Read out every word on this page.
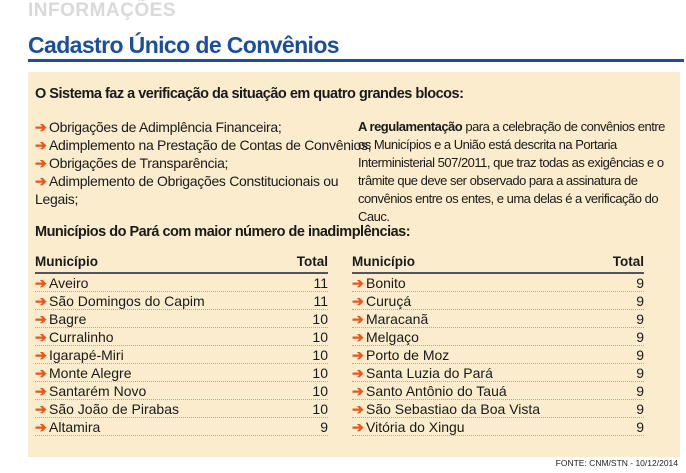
INFORMAÇÕES
Cadastro Único de Convênios
O Sistema faz a verificação da situação em quatro grandes blocos:
➔ Obrigações de Adimplência Financeira;
➔ Adimplemento na Prestação de Contas de Convênios;
➔ Obrigações de Transparência;
➔ Adimplemento de Obrigações Constitucionais ou
Legais;
A regulamentação para a celebração de convênios entre os Municípios e a União está descrita na Portaria Interministerial 507/2011, que traz todas as exigências e o trâmite que deve ser observado para a assinatura de convênios entre os entes, e uma delas é a verificação do Cauc.
Municípios do Pará com maior número de inadimplências:
Município	Total
➔ Aveiro	11
➔ São Domingos do Capim	11
➔ Bagre	10
➔ Curralinho	10
➔ Igarapé-Miri	10
➔ Monte Alegre	10
➔ Santarém Novo	10
➔ São João de Pirabas	10
➔ Altamira	9
Município	Total
➔ Bonito	9
➔ Curuçá	9
➔ Maracanã	9
➔ Melgaço	9
➔ Porto de Moz	9
➔ Santa Luzia do Pará	9
➔ Santo Antônio do Tauá	9
➔ São Sebastiao da Boa Vista	9
➔ Vitória do Xingu	9
FONTE: CNM/STN - 10/12/2014
